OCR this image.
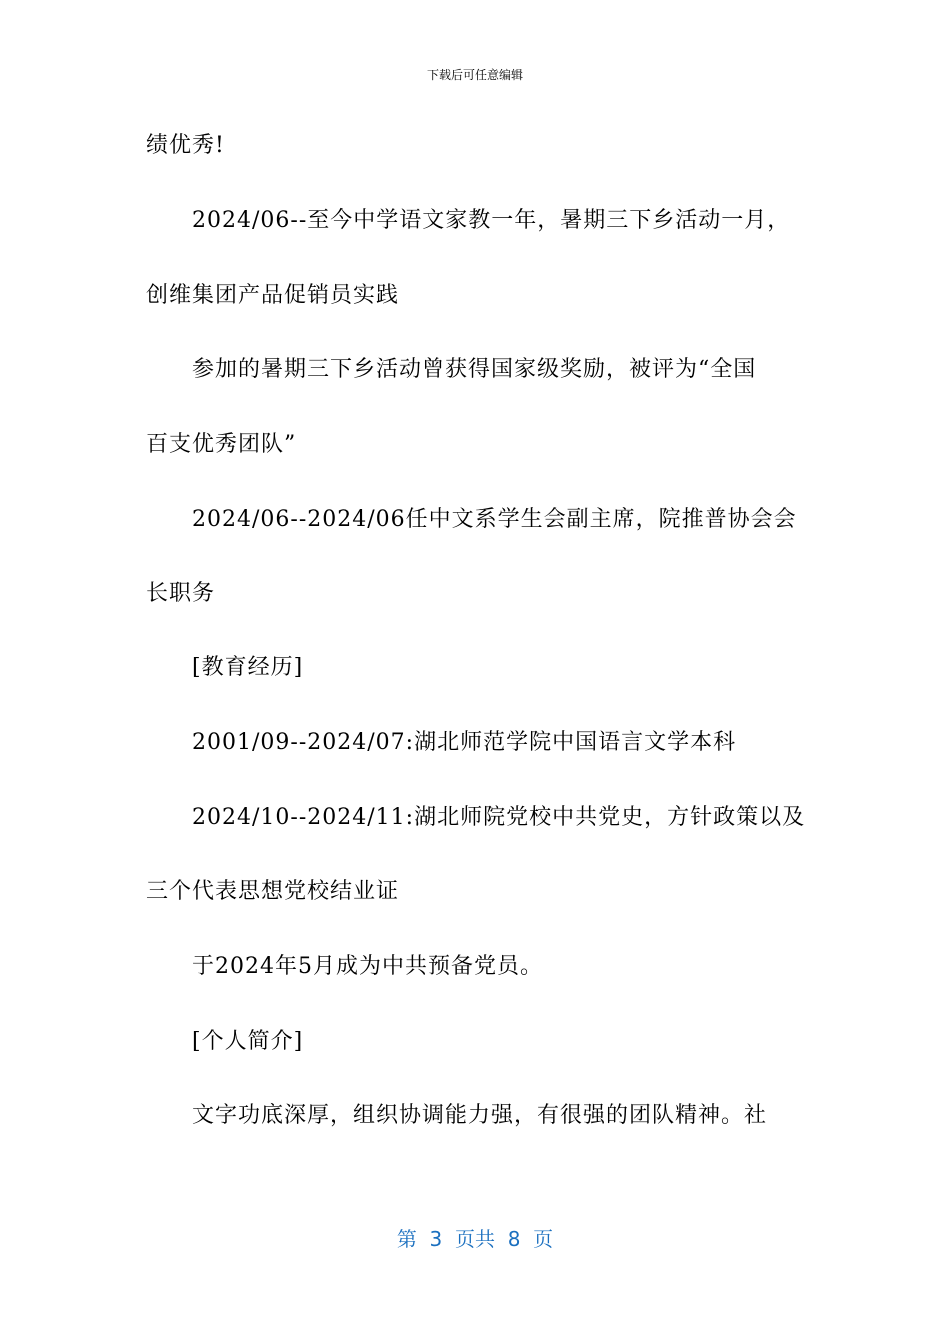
下载后可任意编辑
绩优秀!
2024/06--至今中学语文家教一年，暑期三下乡活动一月，
创维集团产品促销员实践
参加的暑期三下乡活动曾获得国家级奖励，被评为“全国
百支优秀团队”
2024/06--2024/06任中文系学生会副主席，院推普协会会
长职务
[教育经历]
2001/09--2024/07:湖北师范学院中国语言文学本科
2024/10--2024/11:湖北师院党校中共党史，方针政策以及
三个代表思想党校结业证
于2024年5月成为中共预备党员。
[个人简介]
文字功底深厚，组织协调能力强，有很强的团队精神。社
第  3  页共  8  页
